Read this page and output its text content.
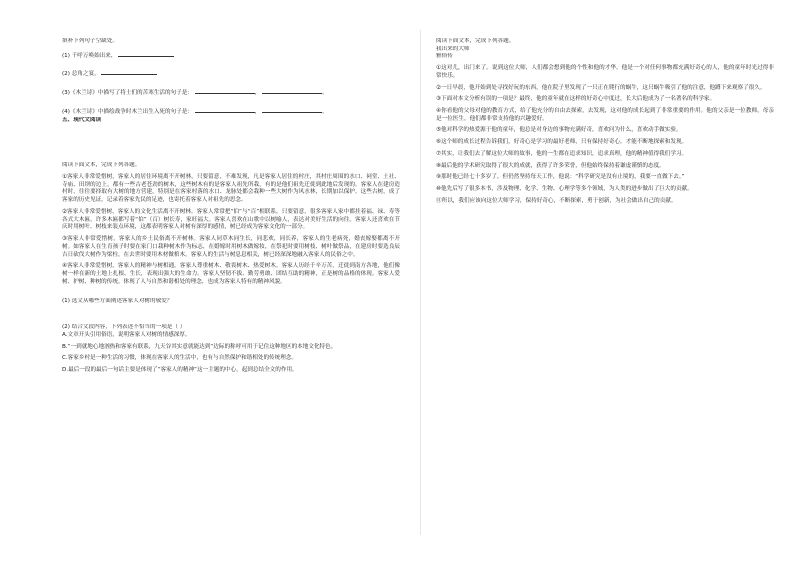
填补下列句子空缺处。

(1) 千呼万唤始出来，

(2) 总角之宴，

(3)《木兰诗》中描写了将士们的苦寒生活的句子是：	，	。

(4)《木兰诗》中描绘战争时木兰出生入死的句子是：	，	。

五、现代文阅读

阅读下面文本，完成下列各题。

①客家人非常爱惜树，客家人的居住环境离不开树林。只要留意，不难发现，凡是客家人居住的村庄，其村庄周围的水口、祠堂、土社、寺庙、田坝的边上，都有一些古老苍劲的树木，这些树木有的是客家人祖先所栽，有的是他们祖先迁徙到此地后发现的。客家人在建房造村时，往往要择取有大树的地方营建，特别是在客家村落的水口、龙脉处都会栽种一些大树作为风水林，长期加以保护。这些古树，成了客家的历史见证，记录着客家先民的足迹，也寄托着客家人对祖先的思念。

②客家人非常爱惜树，客家人的文化生活离不开树林。客家人常常把“伯”与“百”相联系，只要留意，很多客家人家中都挂着福、禄、寿等各式大木匾，许多木匾都写着“伯”（百）树长寿，家旺福大。客家人喜欢在山歌中以树喻人，表达对美好生活的向往。客家人还喜欢在节庆时用树叶、树枝来装点环境，这都表明客家人对树有深厚的感情，树已经成为客家文化的一部分。

③客家人非常爱惜树，客家人的乡土民俗离不开树林。客家人同草木同生长，同悲欢，同长养，客家人的生老病死，婚丧嫁娶都离不开树。如客家人在生育孩子时要在家门口栽种树木作为标志，在婚嫁时用树木做嫁妆，在祭祀时要用树枝、树叶做祭品，在建房时要选良辰吉日砍伐大树作为梁柱，在去世时要用木材做棺木。客家人的生活与树息息相关，树已经深深地融入客家人的民俗之中。

④客家人非常爱惜树，客家人的精神与树相通。客家人尊重树木、敬畏树木、热爱树木。客家人历经千辛万苦，迁徙到南方各地，他们像树一样在新的土地上扎根、生长，表现出强大的生命力。客家人坚韧不拔、勤劳勇敢、团结互助的精神，正是树的品格的体现。客家人爱树、护树、种树的传统，体现了人与自然和谐相处的理念，也成为客家人特有的精神风貌。

(1) 选文从哪些方面阐述客家人对树的敬爱？

(2) 结合文段内容，下列表述不恰当的一项是（ ）

A.文章开头引用俗语，说明客家人对树的情感深厚。

B.“一到就地心地汹热和客家有联系，九天谷其实意就能达到“边际的称呼可用于记住这种地区的本地文化特色。

C.客家乡村是一种生活的习惯，体现在客家人的生活中，也有与自然保护和谐相处的传统理念。

D.最后一段的最后一句话主要是体现了“客家人的精神”这一主题的中心，起到总结全文的作用。

阅读下面文本，完成下列各题。

我出来的大师

雅俗传

①这对儿，出门来了。说到这位大师，人们都会想到他的个性和他的才华。他是一个对任何事物都充满好奇心的人，他的童年时光过得非常快乐。

②一日早晨，他开始到处寻找好玩的东西，他在院子里发现了一只正在爬行的蜗牛，这只蜗牛吸引了他的注意，他蹲下来观察了很久。

③下面对本文分析有误的一项是？最终，他的童年就在这样的好奇心中度过，长大后他成为了一名著名的科学家。

④你看他的父母对他的教育方式，给了他充分的自由去探索，去发现，这对他的成长起到了非常重要的作用。他的父亲是一位教师，母亲是一位医生，他们都非常支持他的兴趣爱好。

⑤他对科学的热爱源于他的童年，他总是对身边的事物充满好奇，喜欢问为什么，喜欢动手做实验。

⑥这个师的成长过程告诉我们，好奇心是学习的最好老师，只有保持好奇心，才能不断地探索和发现。

⑦其实，让我们去了解这位大师的故事，他的一生都在追求知识，追求真理，他的精神值得我们学习。

⑧最后他的学术研究取得了很大的成就，获得了许多荣誉，但他始终保持着谦虚谨慎的态度。

⑨那时他已经七十多岁了，但仍然坚持每天工作，他说：“科学研究是没有止境的，我要一直做下去。”

⑩他先后写了很多本书，涉及物理、化学、生物、心理学等多个领域，为人类的进步做出了巨大的贡献。

⑪所以，我们应该向这位大师学习，保持好奇心，不断探索，勇于创新，为社会做出自己的贡献。
